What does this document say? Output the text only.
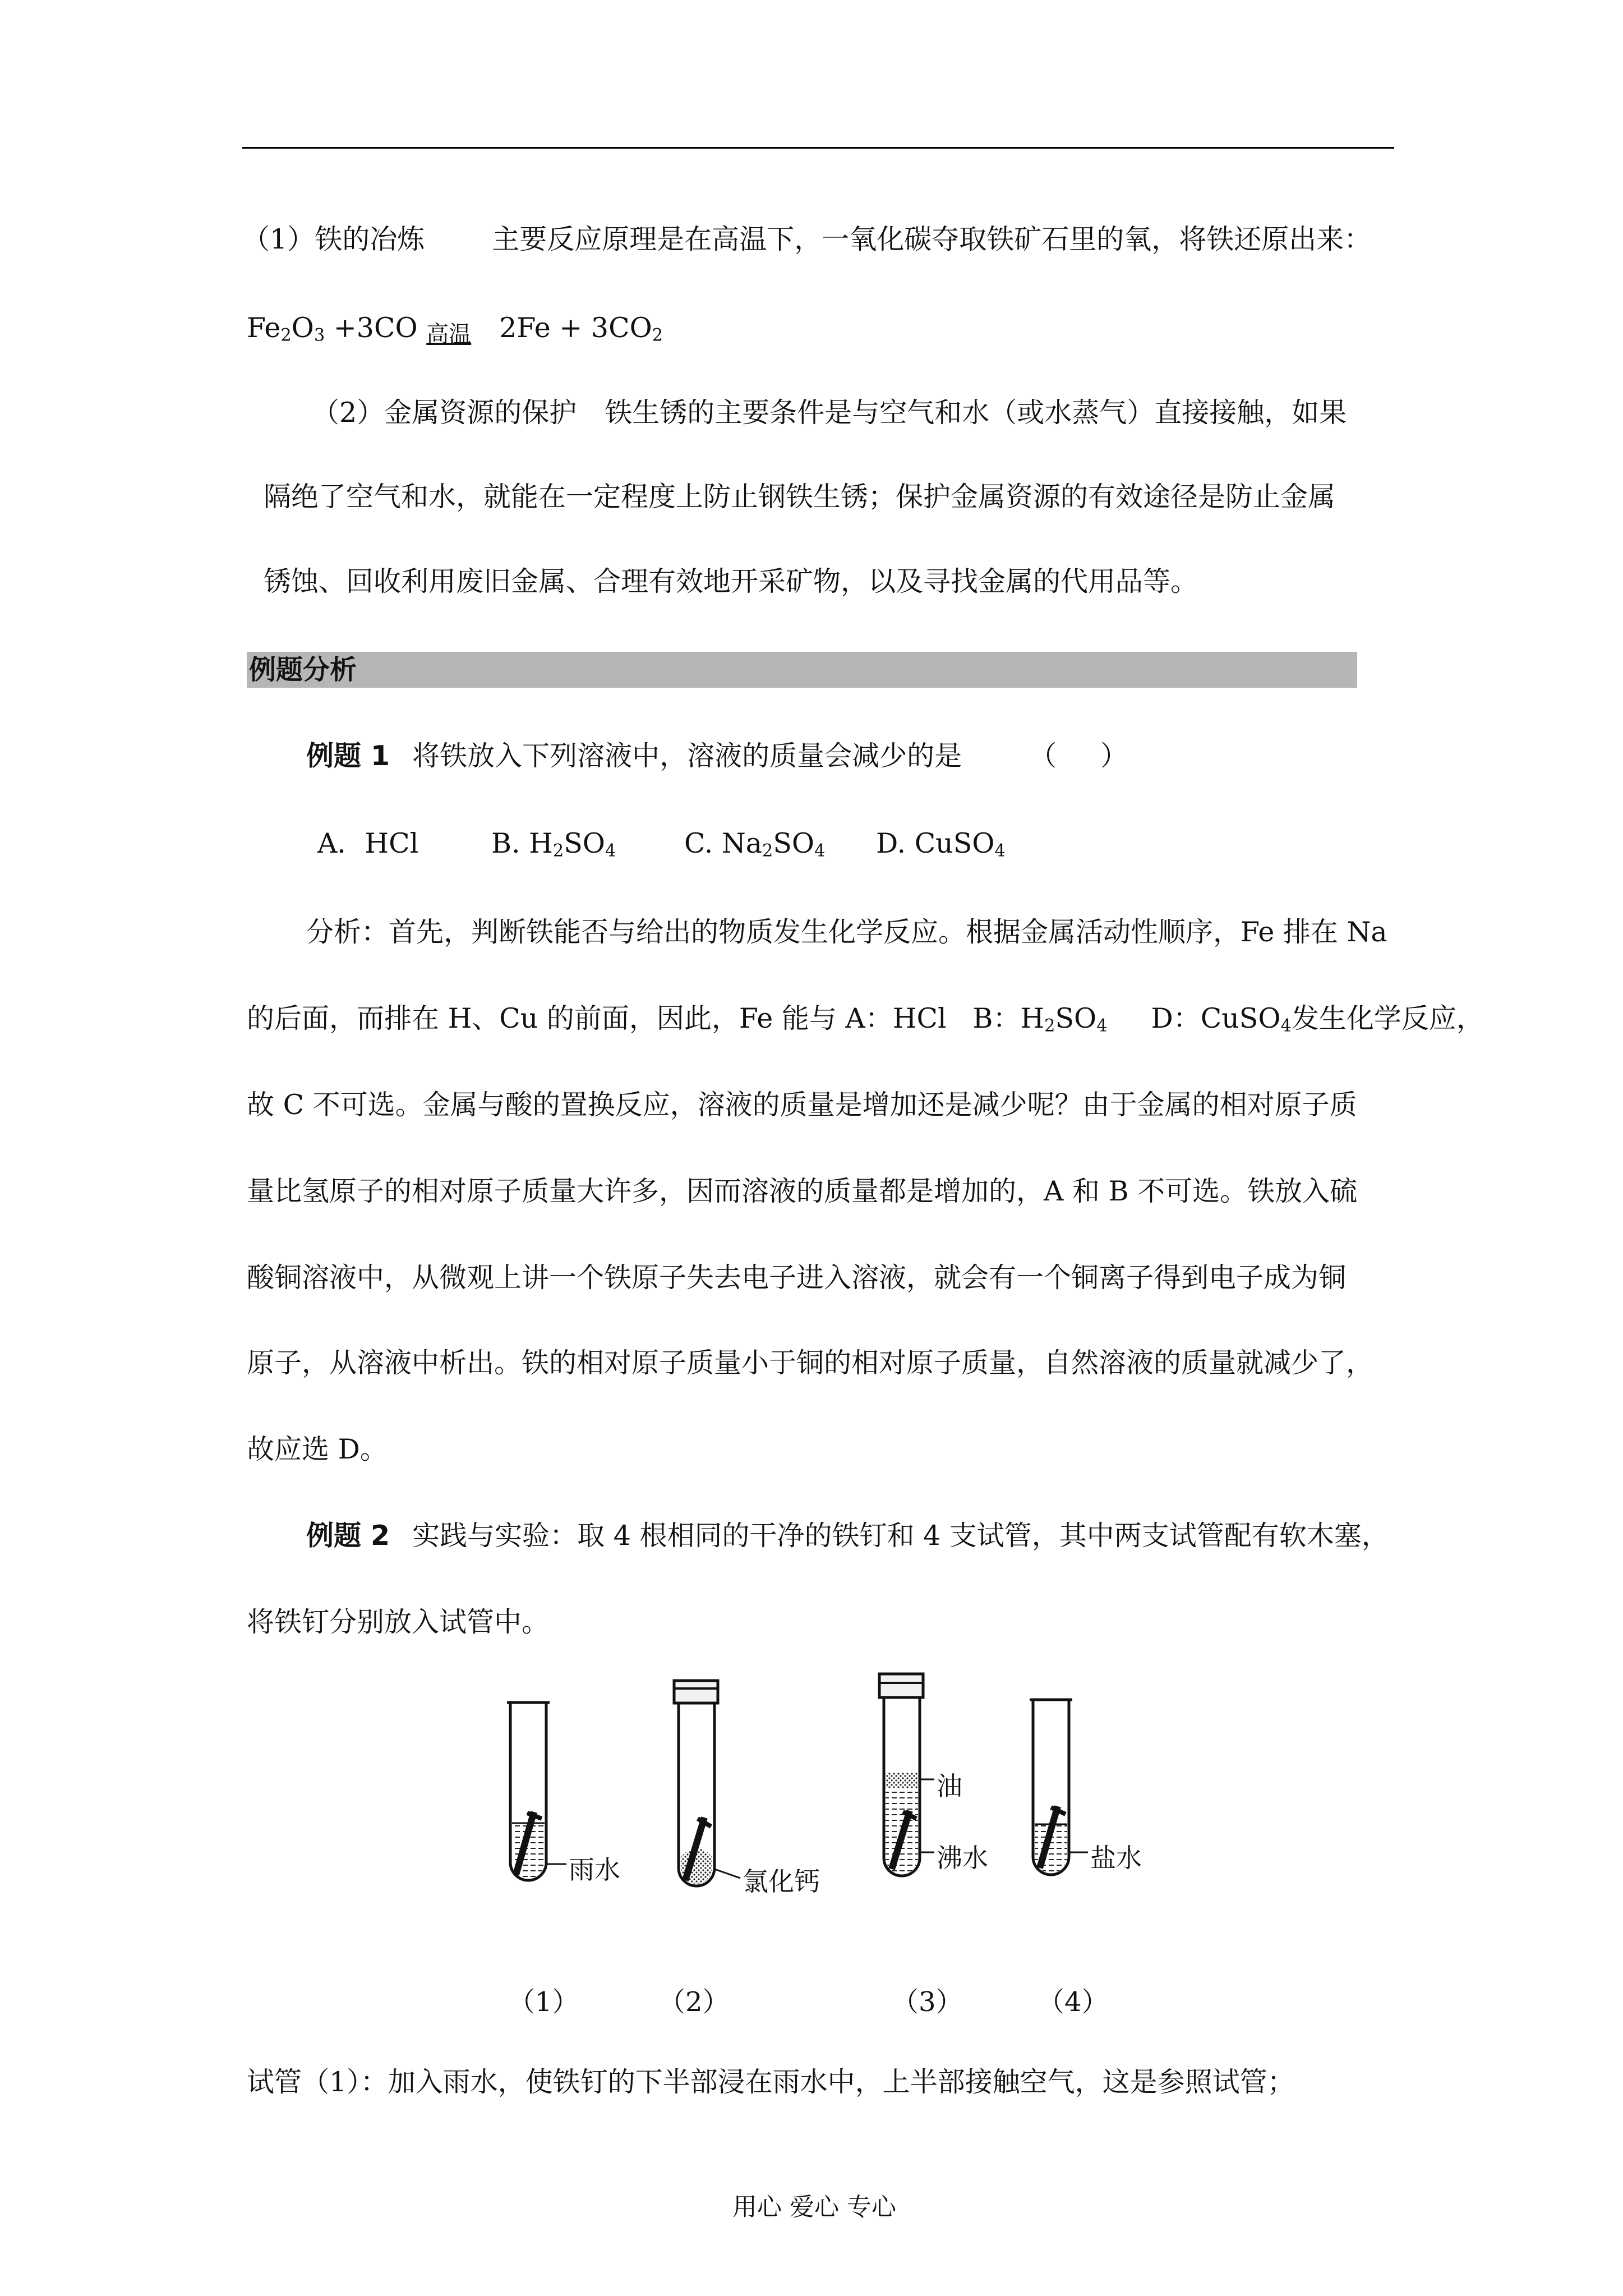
（1）铁的冶炼 主要反应原理是在高温下，一氧化碳夺取铁矿石里的氧，将铁还原出来：
$Fe_2O_3 +3CO$ 高温 $2Fe + 3CO_2$
（2）金属资源的保护 铁生锈的主要条件是与空气和水（或水蒸气）直接接触，如果
隔绝了空气和水，就能在一定程度上防止钢铁生锈；保护金属资源的有效途径是防止金属
锈蚀、回收利用废旧金属、合理有效地开采矿物，以及寻找金属的代用品等。
例题分析
例题 1 将铁放入下列溶液中，溶液的质量会减少的是 （     ）
A．HCl	B. $H_2SO_4$ C. $Na_2SO_4$ D. CuSO$_4$
分析：首先，判断铁能否与给出的物质发生化学反应。根据金属活动性顺序，Fe 排在 Na
的后面，而排在 H、Cu 的前面，因此，Fe 能与 A：HCl   B：$H_2SO_4$     D：CuSO$_4$发生化学反应，
故 C 不可选。金属与酸的置换反应，溶液的质量是增加还是减少呢？由于金属的相对原子质
量比氢原子的相对原子质量大许多，因而溶液的质量都是增加的，A 和 B 不可选。铁放入硫
酸铜溶液中，从微观上讲一个铁原子失去电子进入溶液，就会有一个铜离子得到电子成为铜
原子，从溶液中析出。铁的相对原子质量小于铜的相对原子质量，自然溶液的质量就减少了，
故应选 D。
例题 2 实践与实验：取 4 根相同的干净的铁钉和 4 支试管，其中两支试管配有软木塞，
将铁钉分别放入试管中。
雨水	氯化钙
油
沸水	盐水
（1）	（2）	（3）	（4）
试管（1）：加入雨水，使铁钉的下半部浸在雨水中，上半部接触空气，这是参照试管；
用心 爱心 专心
